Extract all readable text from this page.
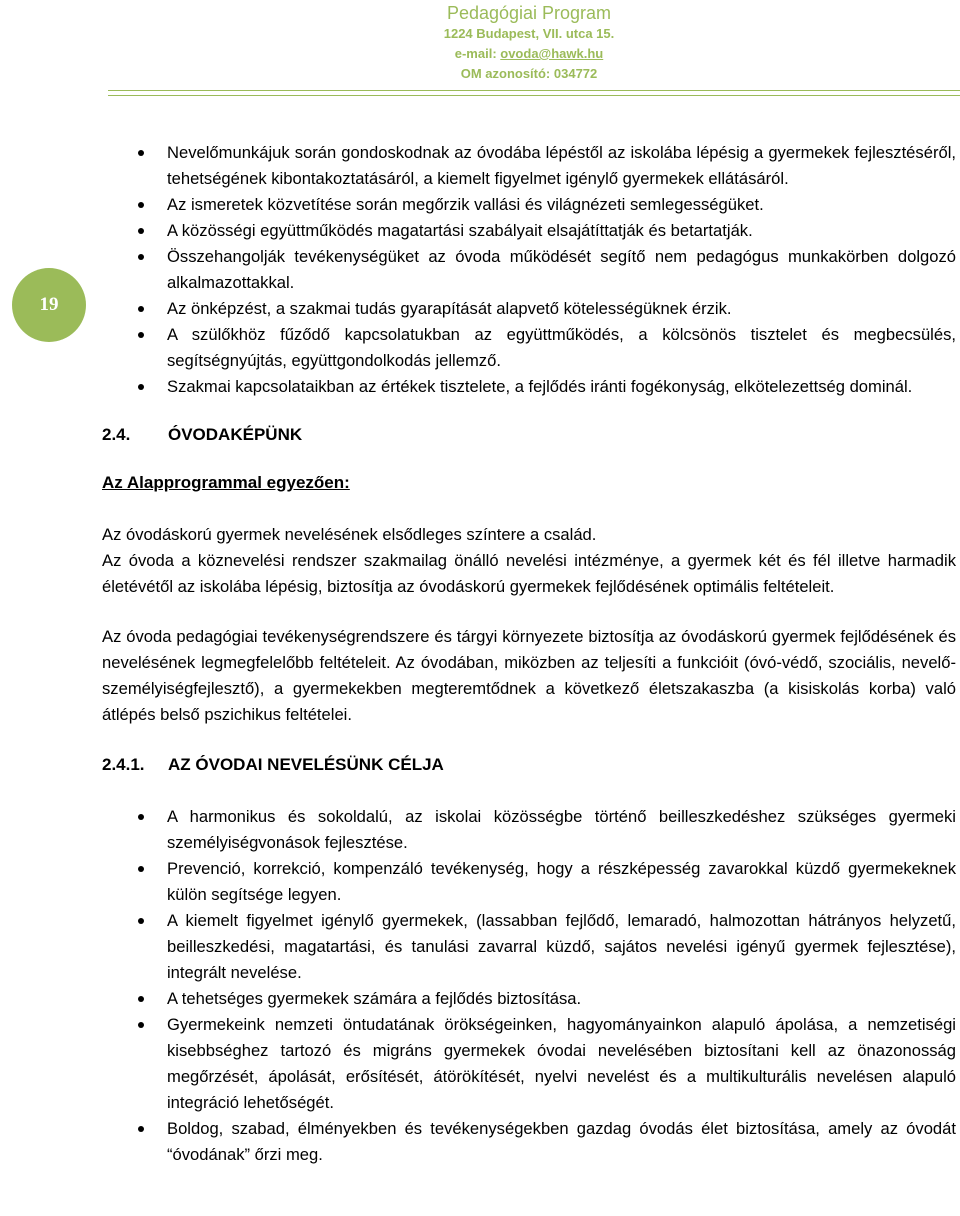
Pedagógiai Program
1224 Budapest, VII. utca 15.
e-mail: ovoda@hawk.hu
OM azonosító: 034772
19
Nevelőmunkájuk során gondoskodnak az óvodába lépéstől az iskolába lépésig a gyermekek fejlesztéséről, tehetségének kibontakoztatásáról, a kiemelt figyelmet igénylő gyermekek ellátásáról.
Az ismeretek közvetítése során megőrzik vallási és világnézeti semlegességüket.
A közösségi együttműködés magatartási szabályait elsajátíttatják és betartatják.
Összehangolják tevékenységüket az óvoda működését segítő nem pedagógus munkakörben dolgozó alkalmazottakkal.
Az önképzést, a szakmai tudás gyarapítását alapvető kötelességüknek érzik.
A szülőkhöz fűződő kapcsolatukban az együttműködés, a kölcsönös tisztelet és megbecsülés, segítségnyújtás, együttgondolkodás jellemző.
Szakmai kapcsolataikban az értékek tisztelete, a fejlődés iránti fogékonyság, elkötelezettség dominál.
2.4.	ÓVODAKÉPÜNK
Az Alapprogrammal egyezően:

Az óvodáskorú gyermek nevelésének elsődleges színtere a család.

Az óvoda a köznevelési rendszer szakmailag önálló nevelési intézménye, a gyermek két és fél illetve harmadik életévétől az iskolába lépésig, biztosítja az óvodáskorú gyermekek fejlődésének optimális feltételeit.

Az óvoda pedagógiai tevékenységrendszere és tárgyi környezete biztosítja az óvodáskorú gyermek fejlődésének és nevelésének legmegfelelőbb feltételeit. Az óvodában, miközben az teljesíti a funkcióit (óvó-védő, szociális, nevelő-személyiségfejlesztő), a gyermekekben megteremtődnek a következő életszakaszba (a kisiskolás korba) való átlépés belső pszichikus feltételei.

2.4.1.	AZ ÓVODAI NEVELÉSÜNK CÉLJA
A harmonikus és sokoldalú, az iskolai közösségbe történő beilleszkedéshez szükséges gyermeki személyiségvonások fejlesztése.
Prevenció, korrekció, kompenzáló tevékenység, hogy a részképesség zavarokkal küzdő gyermekeknek külön segítsége legyen.
A kiemelt figyelmet igénylő gyermekek, (lassabban fejlődő, lemaradó, halmozottan hátrányos helyzetű, beilleszkedési, magatartási, és tanulási zavarral küzdő, sajátos nevelési igényű gyermek fejlesztése), integrált nevelése.
A tehetséges gyermekek számára a fejlődés biztosítása.
Gyermekeink nemzeti öntudatának örökségeinken, hagyományainkon alapuló ápolása, a nemzetiségi kisebbséghez tartozó és migráns gyermekek óvodai nevelésében biztosítani kell az önazonosság megőrzését, ápolását, erősítését, átörökítését, nyelvi nevelést és a multikulturális nevelésen alapuló integráció lehetőségét.
Boldog, szabad, élményekben és tevékenységekben gazdag óvodás élet biztosítása, amely az óvodát “óvodának” őrzi meg.
